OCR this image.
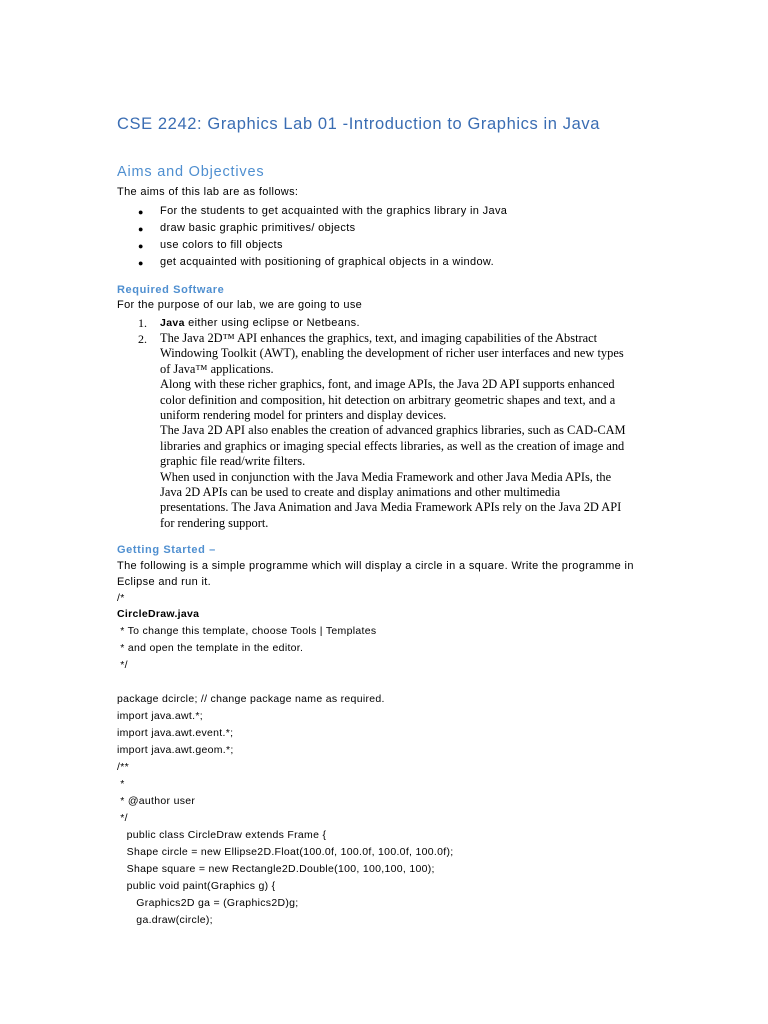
CSE 2242: Graphics Lab 01 -Introduction to Graphics in Java
Aims and Objectives
The aims of this lab are as follows:
● For the students to get acquainted with the graphics library in Java
● draw basic graphic primitives/ objects
● use colors to fill objects
● get acquainted with positioning of graphical objects in a window.
Required Software
For the purpose of our lab, we are going to use
1. Java either using eclipse or Netbeans.
2. The Java 2D™ API enhances the graphics, text, and imaging capabilities of the Abstract
Windowing Toolkit (AWT), enabling the development of richer user interfaces and new types
of Java™ applications.
Along with these richer graphics, font, and image APIs, the Java 2D API supports enhanced
color definition and composition, hit detection on arbitrary geometric shapes and text, and a
uniform rendering model for printers and display devices.
The Java 2D API also enables the creation of advanced graphics libraries, such as CAD-CAM
libraries and graphics or imaging special effects libraries, as well as the creation of image and
graphic file read/write filters.
When used in conjunction with the Java Media Framework and other Java Media APIs, the
Java 2D APIs can be used to create and display animations and other multimedia
presentations. The Java Animation and Java Media Framework APIs rely on the Java 2D API
for rendering support.
Getting Started –
The following is a simple programme which will display a circle in a square. Write the programme in
Eclipse and run it.
/*
CircleDraw.java
* To change this template, choose Tools | Templates
* and open the template in the editor.
*/
package dcircle; // change package name as required.
import java.awt.*;
import java.awt.event.*;
import java.awt.geom.*;
/**
*
* @author user
*/
public class CircleDraw extends Frame {
Shape circle = new Ellipse2D.Float(100.0f, 100.0f, 100.0f, 100.0f);
Shape square = new Rectangle2D.Double(100, 100,100, 100);
public void paint(Graphics g) {
Graphics2D ga = (Graphics2D)g;
ga.draw(circle);
